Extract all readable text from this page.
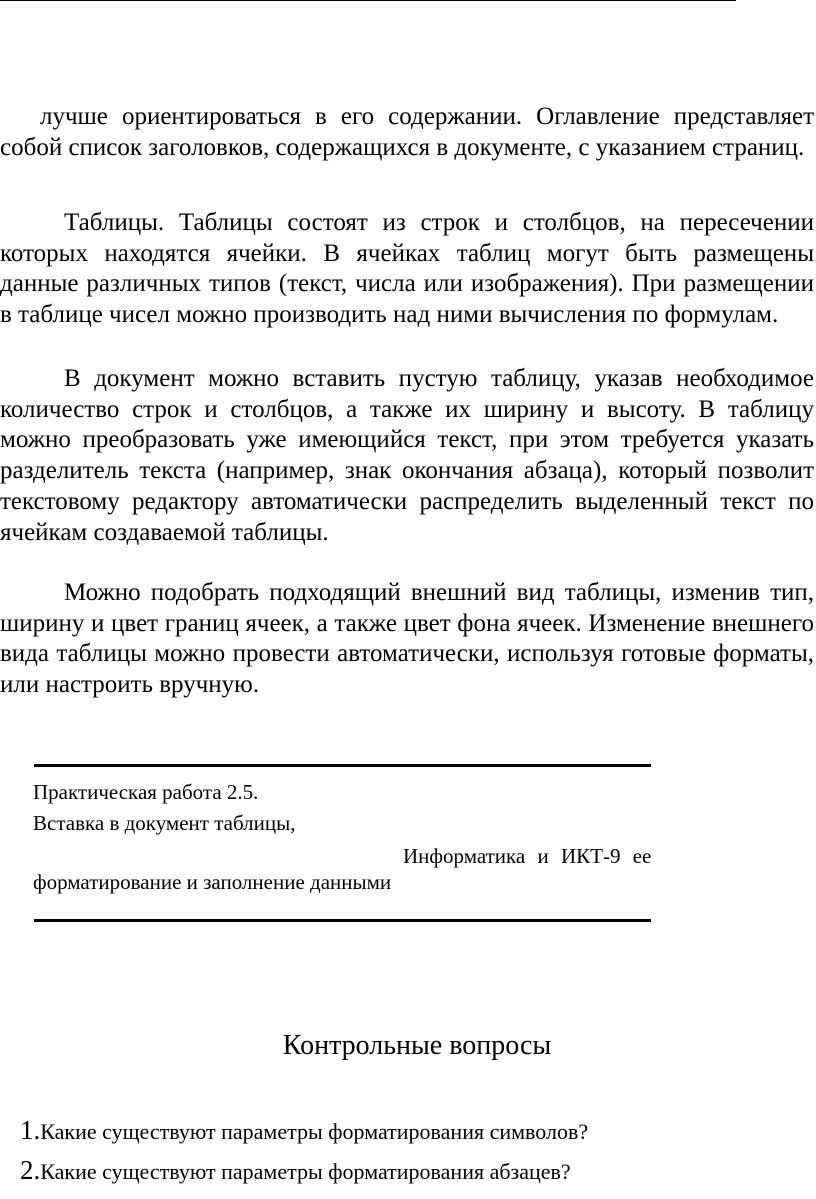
лучше ориентироваться в его содержании. Оглавление представляет собой список заголовков, содержащихся в документе, с указанием страниц.

Таблицы. Таблицы состоят из строк и столбцов, на пересечении которых находятся ячейки. В ячейках таблиц могут быть размещены данные различных типов (текст, числа или изображения). При размещении в таблице чисел можно производить над ними вычисления по формулам.

В документ можно вставить пустую таблицу, указав необходимое количество строк и столбцов, а также их ширину и высоту. В таблицу можно преобразовать уже имеющийся текст, при этом требуется указать разделитель текста (например, знак окончания абзаца), который позволит текстовому редактору автоматически распределить выделенный текст по ячейкам создаваемой таблицы.

Можно подобрать подходящий внешний вид таблицы, изменив тип, ширину и цвет границ ячеек, а также цвет фона ячеек. Изменение внешнего вида таблицы можно провести автоматически, используя готовые форматы, или настроить вручную.

Практическая работа 2.5.

Вставка в документ таблицы,

Информатика и ИКТ-9 ее

форматирование и заполнение данными

Контрольные вопросы
1.Какие существуют параметры форматирования символов?
2.Какие существуют параметры форматирования абзацев?
